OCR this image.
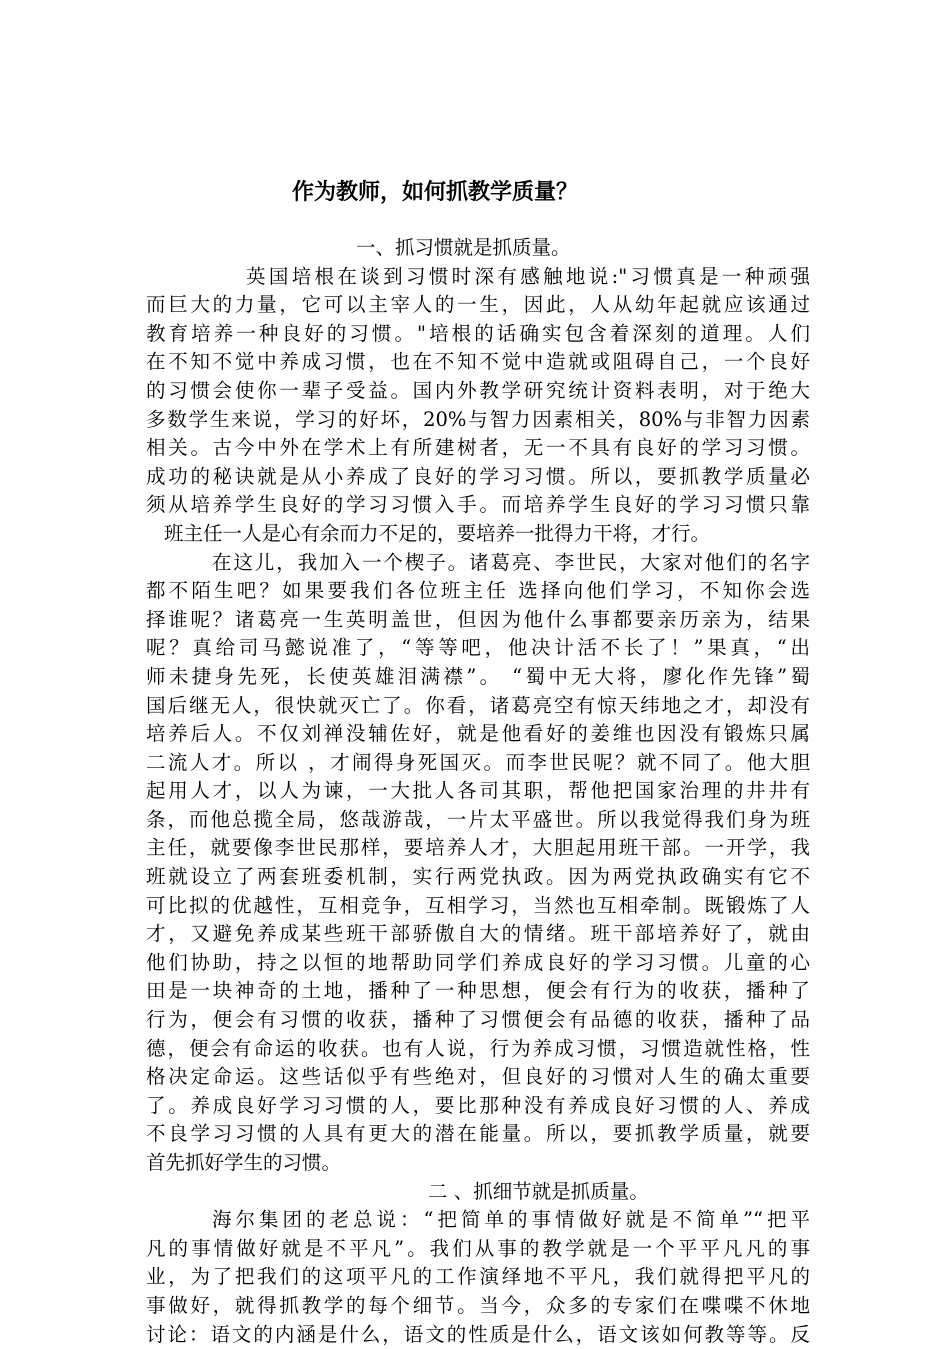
作为教师，如何抓教学质量？
一、抓习惯就是抓质量。
英国培根在谈到习惯时深有感触地说:"习惯真是一种顽强
而巨大的力量，它可以主宰人的一生，因此，人从幼年起就应该通过
教育培养一种良好的习惯。"培根的话确实包含着深刻的道理。人们
在不知不觉中养成习惯，也在不知不觉中造就或阻碍自己，一个良好
的习惯会使你一辈子受益。国内外教学研究统计资料表明，对于绝大
多数学生来说，学习的好坏，20%与智力因素相关，80%与非智力因素
相关。古今中外在学术上有所建树者，无一不具有良好的学习习惯。
成功的秘诀就是从小养成了良好的学习习惯。所以，要抓教学质量必
须从培养学生良好的学习习惯入手。而培养学生良好的学习习惯只靠
班主任一人是心有余而力不足的，要培养一批得力干将，才行。
在这儿，我加入一个楔子。诸葛亮、李世民，大家对他们的名字
都不陌生吧？如果要我们各位班主任 选择向他们学习，不知你会选
择谁呢？诸葛亮一生英明盖世，但因为他什么事都要亲历亲为，结果
呢？真给司马懿说准了，“等等吧，他决计活不长了！”果真，“出
师未捷身先死，长使英雄泪满襟”。 “蜀中无大将，廖化作先锋”蜀
国后继无人，很快就灭亡了。你看，诸葛亮空有惊天纬地之才，却没有
培养后人。不仅刘禅没辅佐好，就是他看好的姜维也因没有锻炼只属
二流人才。所以 ，才闹得身死国灭。而李世民呢？就不同了。他大胆
起用人才，以人为谏，一大批人各司其职，帮他把国家治理的井井有
条，而他总揽全局，悠哉游哉，一片太平盛世。所以我觉得我们身为班
主任，就要像李世民那样，要培养人才，大胆起用班干部。一开学，我
班就设立了两套班委机制，实行两党执政。因为两党执政确实有它不
可比拟的优越性，互相竞争，互相学习，当然也互相牵制。既锻炼了人
才，又避免养成某些班干部骄傲自大的情绪。班干部培养好了，就由
他们协助，持之以恒的地帮助同学们养成良好的学习习惯。儿童的心
田是一块神奇的土地，播种了一种思想，便会有行为的收获，播种了
行为，便会有习惯的收获，播种了习惯便会有品德的收获，播种了品
德，便会有命运的收获。也有人说，行为养成习惯，习惯造就性格，性
格决定命运。这些话似乎有些绝对，但良好的习惯对人生的确太重要
了。养成良好学习习惯的人，要比那种没有养成良好习惯的人、养成
不良学习习惯的人具有更大的潜在能量。所以，要抓教学质量，就要
首先抓好学生的习惯。
二 、抓细节就是抓质量。
海尔集团的老总说：“把简单的事情做好就是不简单”“把平
凡的事情做好就是不平凡”。我们从事的教学就是一个平平凡凡的事
业，为了把我们的这项平凡的工作演绎地不平凡，我们就得把平凡的
事做好，就得抓教学的每个细节。当今，众多的专家们在喋喋不休地
讨论：语文的内涵是什么，语文的性质是什么，语文该如何教等等。反
